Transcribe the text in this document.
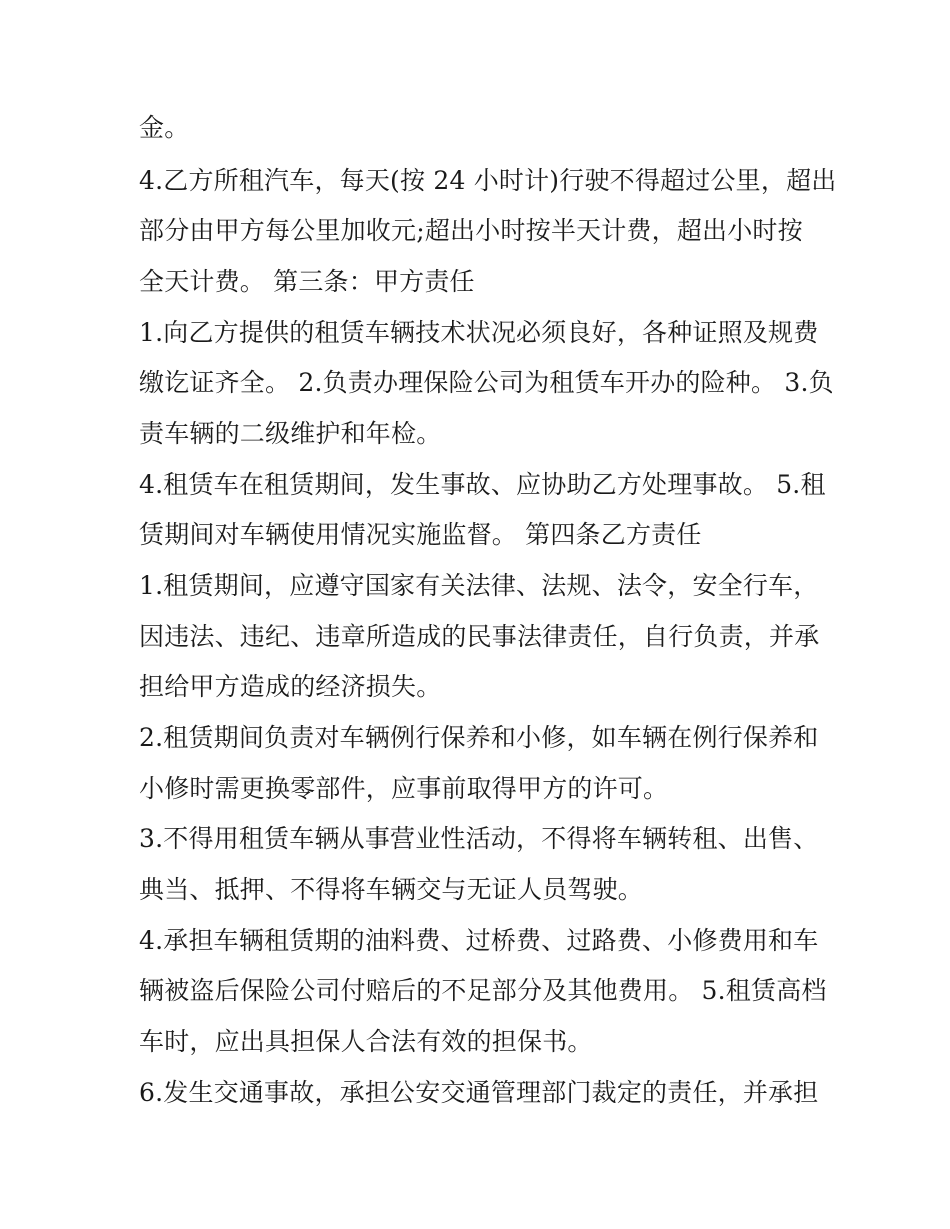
金。
4.乙方所租汽车，每天(按 24 小时计)行驶不得超过公里，超出
部分由甲方每公里加收元;超出小时按半天计费，超出小时按
全天计费。 第三条：甲方责任
1.向乙方提供的租赁车辆技术状况必须良好，各种证照及规费
缴讫证齐全。 2.负责办理保险公司为租赁车开办的险种。 3.负
责车辆的二级维护和年检。
4.租赁车在租赁期间，发生事故、应协助乙方处理事故。 5.租
赁期间对车辆使用情况实施监督。 第四条乙方责任
1.租赁期间，应遵守国家有关法律、法规、法令，安全行车，
因违法、违纪、违章所造成的民事法律责任，自行负责，并承
担给甲方造成的经济损失。
2.租赁期间负责对车辆例行保养和小修，如车辆在例行保养和
小修时需更换零部件，应事前取得甲方的许可。
3.不得用租赁车辆从事营业性活动，不得将车辆转租、出售、
典当、抵押、不得将车辆交与无证人员驾驶。
4.承担车辆租赁期的油料费、过桥费、过路费、小修费用和车
辆被盗后保险公司付赔后的不足部分及其他费用。 5.租赁高档
车时，应出具担保人合法有效的担保书。
6.发生交通事故，承担公安交通管理部门裁定的责任，并承担
